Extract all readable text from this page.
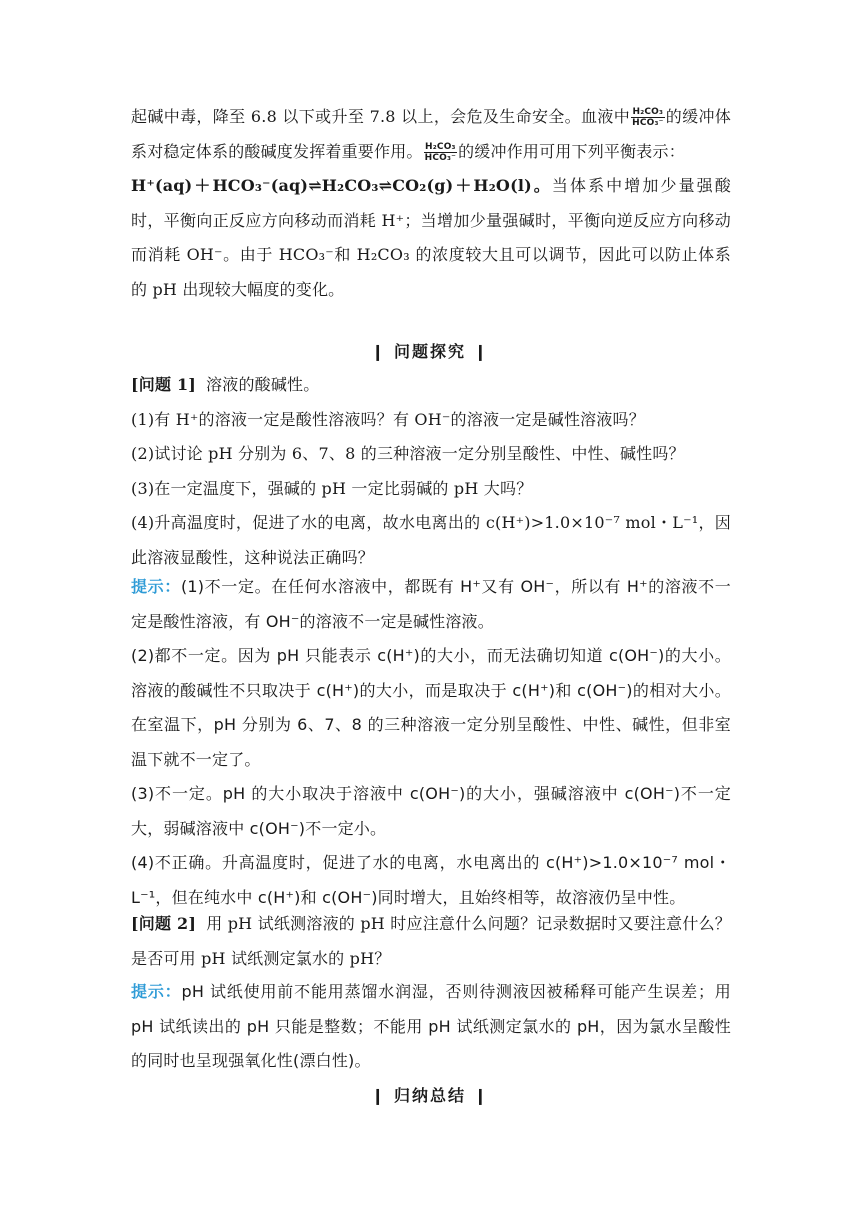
起碱中毒，降至 6.8 以下或升至 7.8 以上，会危及生命安全。血液中 $\frac{\text{H₂CO₃}}{\text{HCO₃⁻}}$ 的缓冲体系对稳定体系的酸碱度发挥着重要作用。 $\frac{\text{H₂CO₃}}{\text{HCO₃⁻}}$ 的缓冲作用可用下列平衡表示：
H⁺(aq)＋HCO₃⁻(aq)⇌H₂CO₃⇌CO₂(g)＋H₂O(l)。当体系中增加少量强酸时，平衡向正反应方向移动而消耗 H⁺；当增加少量强碱时，平衡向逆反应方向移动而消耗 OH⁻。由于 HCO₃⁻和 H₂CO₃ 的浓度较大且可以调节，因此可以防止体系的 pH 出现较大幅度的变化。
❙ 问题探究 ❙
[问题 1] 溶液的酸碱性。
(1)有 H⁺的溶液一定是酸性溶液吗？有 OH⁻的溶液一定是碱性溶液吗？
(2)试讨论 pH 分别为 6、7、8 的三种溶液一定分别呈酸性、中性、碱性吗？
(3)在一定温度下，强碱的 pH 一定比弱碱的 pH 大吗？
(4)升高温度时，促进了水的电离，故水电离出的 c(H⁺)>1.0×10⁻⁷ mol・L⁻¹，因此溶液显酸性，这种说法正确吗？
提示：(1)不一定。在任何水溶液中，都既有 H⁺又有 OH⁻，所以有 H⁺的溶液不一定是酸性溶液，有 OH⁻的溶液不一定是碱性溶液。
(2)都不一定。因为 pH 只能表示 c(H⁺)的大小，而无法确切知道 c(OH⁻)的大小。溶液的酸碱性不只取决于 c(H⁺)的大小，而是取决于 c(H⁺)和 c(OH⁻)的相对大小。在室温下，pH 分别为 6、7、8 的三种溶液一定分别呈酸性、中性、碱性，但非室温下就不一定了。
(3)不一定。pH 的大小取决于溶液中 c(OH⁻)的大小，强碱溶液中 c(OH⁻)不一定大，弱碱溶液中 c(OH⁻)不一定小。
(4)不正确。升高温度时，促进了水的电离，水电离出的 c(H⁺)>1.0×10⁻⁷ mol・L⁻¹，但在纯水中 c(H⁺)和 c(OH⁻)同时增大，且始终相等，故溶液仍呈中性。
[问题 2] 用 pH 试纸测溶液的 pH 时应注意什么问题？记录数据时又要注意什么？是否可用 pH 试纸测定氯水的 pH？
提示：pH 试纸使用前不能用蒸馏水润湿，否则待测液因被稀释可能产生误差；用 pH 试纸读出的 pH 只能是整数；不能用 pH 试纸测定氯水的 pH，因为氯水呈酸性的同时也呈现强氧化性(漂白性)。
❙ 归纳总结 ❙
